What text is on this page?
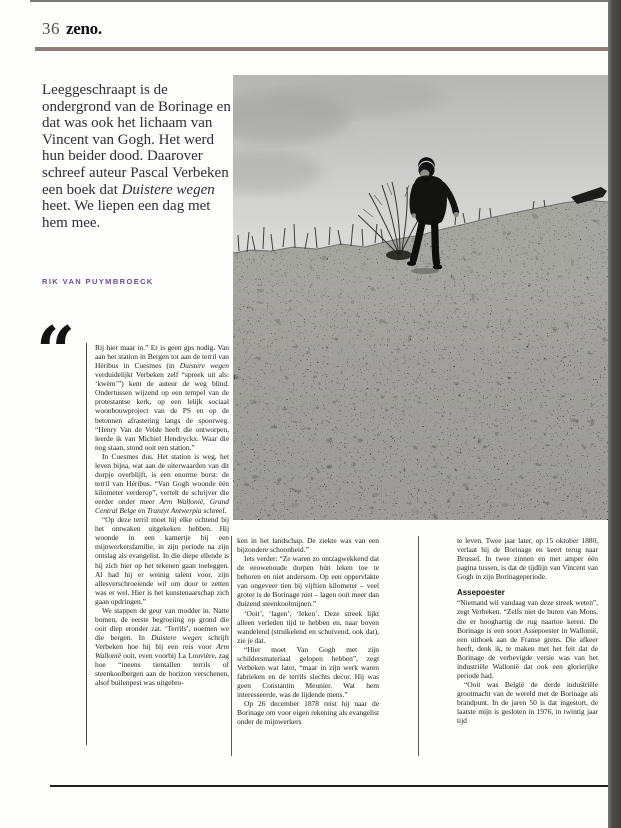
36 zeno.
Leeggeschraapt is de ondergrond van de Borinage en dat was ook het lichaam van Vincent van Gogh. Het werd hun beider dood. Daarover schreef auteur Pascal Verbeken een boek dat Duistere wegen heet. We liepen een dag met hem mee.
RIK VAN PUYMBROECK
“	Rij hier maar in.” Er is geen gps nodig. Van aan het station in Bergen tot aan de terril van Héribus in Cuesmes (in Duistere wegen verduidelijkt Verbeken zelf “spreek uit als: ‘kwèm’”) kent de auteur de weg blind. Ondertussen wijzend op een tempel van de protestantse kerk, op een lelijk sociaal woonbouwproject van de PS en op de betonnen afrastering langs de spoorweg. “Henry Van de Velde heeft die ontworpen, leerde ik van Michiel Hendryckx. Waar die nog staan, stond ooit een station.”

In Cuesmes dus. Het station is weg, het leven bijna, wat aan de uiterwaarden van dit dorpje overblijft, is een enorme borst: de terril van Héribus. “Van Gogh woonde één kilometer verderop”, vertelt de schrijver die eerder onder meer Arm Wallonië, Grand Central Belge en Tranzyt Antwerpia schreef.

“Op deze terril moet hij elke ochtend bij het ontwaken uitgekeken hebben. Hij woonde in een kamertje bij een mijnwerkersfamilie, in zijn periode na zijn ontslag als evangelist. In die diepe ellende is hij zich hier op het tekenen gaan toeleggen. Al had hij er weinig talent voor, zijn allesverschroeiende wil om door te zetten was er wel. Hier is het kunstenaarschap zich gaan opdringen.”

We stappen de geur van modder in. Natte bomen, de eerste begroeiing op grond die ooit diep eronder zat. ‘Terrils’, noemen we die bergen. In Duistere wegen schrijft Verbeken hoe hij bij een reis voor Arm Wallonië ooit, even voorbij La Louvière, zag hoe “ineens tientallen terrils of steenkoolbergen aan de horizon verschenen, alsof builenpest was uitgebro-

ken in het landschap. De ziekte was van een bijzondere schoonheid.”

Iets verder: “Ze waren zo ontzagwekkend dat de eeuwenoude dorpen hún leken toe te behoren en niet andersom. Op een oppervlakte van ongeveer tien bij vijftien kilometer – veel groter is de Borinage niet – lagen ooit meer dan duizend steenkoolmijnen.”

‘Ooit’, ‘lagen’, ‘leken’. Deze streek lijkt alleen verleden tijd te hebben en, naar boven wandelend (struikelend en schuivend, ook dat), zie je dat.

“Hier moet Van Gogh met zijn schildersmateriaal gelopen hebben”, zegt Verbeken wat later, “maar in zijn werk waren fabrieken en de terrils slechts decor. Hij was geen Constantin Meunier. Wat hem interesseerde, was de lijdende mens.”

Op 26 december 1878 reist hij naar de Borinage om voor eigen rekening als evangelist onder de mijnwerkers

te leven. Twee jaar later, op 15 oktober 1880, verlaat hij de Borinage en keert terug naar Brussel. In twee zinnen en met amper één pagina tussen, is dat de tijdlijn van Vincent van Gogh in zijn Borinageperiode.

Assepoester

“Niemand wil vandaag van deze streek weten”, zegt Verbeken. “Zelfs niet de buren van Mons, die er hooghartig de rug naartoe keren. De Borinage is een soort Assepoester in Wallonië, een uithoek aan de Franse grens. Die afkeer heeft, denk ik, te maken met het feit dat de Borinage de verhevigde versie was van het industriële Wallonië dat ook een glorierijke periode had.

“Ooit was België de derde industriële grootmacht van de wereld met de Borinage als brandpunt. In de jaren 50 is dat ingestort, de laatste mijn is gesloten in 1976, in twintig jaar tijd
